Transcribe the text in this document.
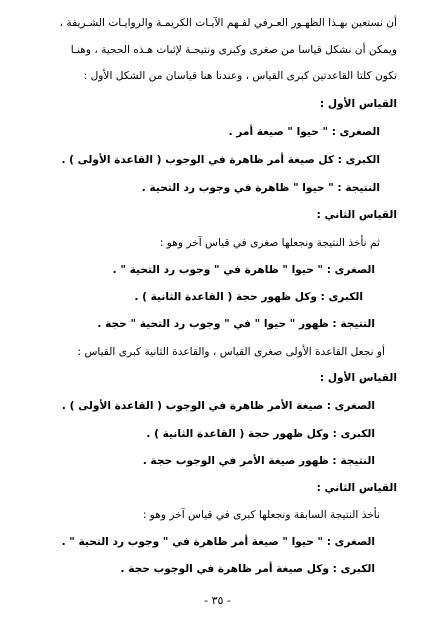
أن نستعين بهـذا الظهـور العـرفي لفـهم الآيـات الكريمـة والروايـات الشـريفة ،
ويمكن أن نشكل قياسا من صغرى وكبرى ونتيجـة لإثبات هـذه الحجية ، وهنـا
تكون كلتا القاعدتين كبرى القياس ، وعندنا هنا قياسان من الشكل الأول :
القياس الأول :
الصغرى : " حيوا " صيغة أمر .
الكبرى : كل صيغة أمر ظاهرة في الوجوب ( القاعدة الأولى ) .
النتيجة : " حيوا " ظاهرة في وجوب رد التحية .
القياس الثاني :
ثم نأخذ النتيجة ونجعلها صغرى في قياس آخر وهو :
الصغرى : " حيوا " ظاهرة في " وجوب رد التحية " .
الكبرى : وكل ظهور حجة ( القاعدة الثانية ) .
النتيجة : ظهور " حيوا " في " وجوب رد التحية " حجة .
أو نجعل القاعدة الأولى صغرى القياس ، والقاعدة الثانية كبرى القياس :
القياس الأول :
الصغرى : صيغة الأمر ظاهرة في الوجوب ( القاعدة الأولى ) .
الكبرى : وكل ظهور حجة ( القاعدة الثانية ) .
النتيجة : ظهور صيغة الأمر في الوجوب حجة .
القياس الثاني :
نأخذ النتيجة السابقة ونجعلها كبرى في قياس آخر وهو :
الصغرى : " حيوا " صيغة أمر ظاهرة في " وجوب رد التحية " .
الكبرى : وكل صيغة أمر ظاهرة في الوجوب حجة .
- ٣٥ -
